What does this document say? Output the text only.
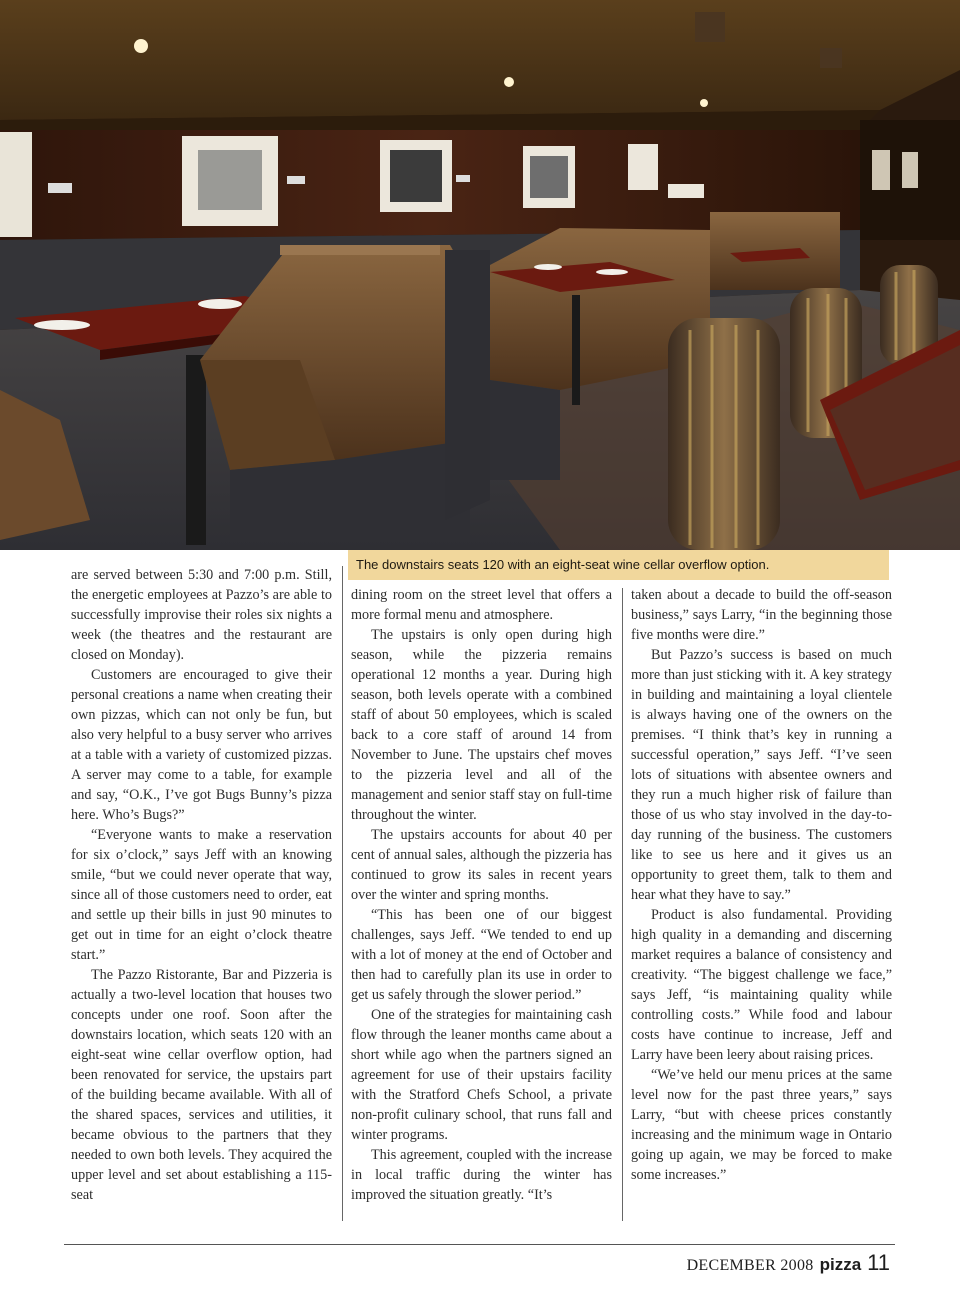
The downstairs seats 120 with an eight-seat wine cellar overflow option.

are served between 5:30 and 7:00 p.m. Still, the energetic employees at Pazzo’s are able to successfully improvise their roles six nights a week (the theatres and the restaurant are closed on Monday).

Customers are encouraged to give their personal creations a name when creating their own pizzas, which can not only be fun, but also very helpful to a busy server who arrives at a table with a variety of customized pizzas. A server may come to a table, for example and say, “O.K., I’ve got Bugs Bunny’s pizza here. Who’s Bugs?”

“Everyone wants to make a reservation for six o’clock,” says Jeff with an knowing smile, “but we could never operate that way, since all of those customers need to order, eat and settle up their bills in just 90 minutes to get out in time for an eight o’clock theatre start.”

The Pazzo Ristorante, Bar and Pizzeria is actually a two-level location that houses two concepts under one roof. Soon after the downstairs location, which seats 120 with an eight-seat wine cellar overflow option, had been renovated for service, the upstairs part of the building became available. With all of the shared spaces, services and utilities, it became obvious to the partners that they needed to own both levels. They acquired the upper level and set about establishing a 115-seat

dining room on the street level that offers a more formal menu and atmosphere.

The upstairs is only open during high season, while the pizzeria remains operational 12 months a year. During high season, both levels operate with a combined staff of about 50 employees, which is scaled back to a core staff of around 14 from November to June. The upstairs chef moves to the pizzeria level and all of the management and senior staff stay on full-time throughout the winter.

The upstairs accounts for about 40 per cent of annual sales, although the pizzeria has continued to grow its sales in recent years over the winter and spring months.

“This has been one of our biggest challenges, says Jeff. “We tended to end up with a lot of money at the end of October and then had to carefully plan its use in order to get us safely through the slower period.”

One of the strategies for maintaining cash flow through the leaner months came about a short while ago when the partners signed an agreement for use of their upstairs facility with the Stratford Chefs School, a private non-profit culinary school, that runs fall and winter programs.

This agreement, coupled with the increase in local traffic during the winter has improved the situation greatly. “It’s

taken about a decade to build the off-season business,” says Larry, “in the beginning those five months were dire.”

But Pazzo’s success is based on much more than just sticking with it. A key strategy in building and maintaining a loyal clientele is always having one of the owners on the premises. “I think that’s key in running a successful operation,” says Jeff. “I’ve seen lots of situations with absentee owners and they run a much higher risk of failure than those of us who stay involved in the day-to-day running of the business. The customers like to see us here and it gives us an opportunity to greet them, talk to them and hear what they have to say.”

Product is also fundamental. Providing high quality in a demanding and discerning market requires a balance of consistency and creativity. “The biggest challenge we face,” says Jeff, “is maintaining quality while controlling costs.” While food and labour costs have continue to increase, Jeff and Larry have been leery about raising prices.

“We’ve held our menu prices at the same level now for the past three years,” says Larry, “but with cheese prices constantly increasing and the minimum wage in Ontario going up again, we may be forced to make some increases.”

DECEMBER 2008 pizza 11
